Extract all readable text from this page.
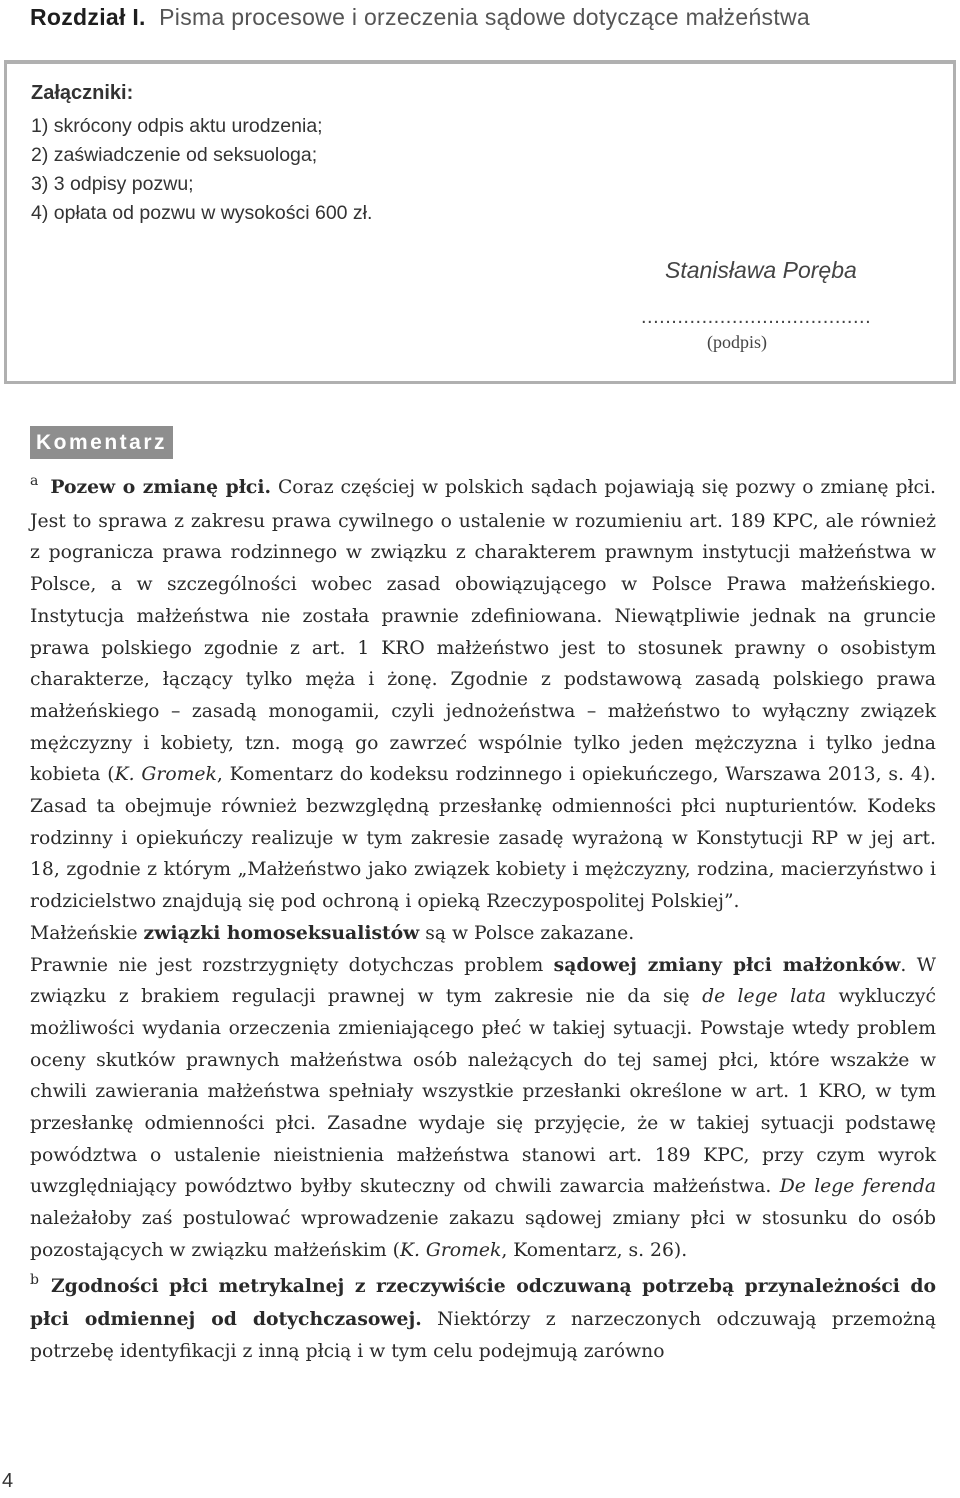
Rozdział I. Pisma procesowe i orzeczenia sądowe dotyczące małżeństwa
Załączniki:
1) skrócony odpis aktu urodzenia;
2) zaświadczenie od seksuologa;
3) 3 odpisy pozwu;
4) opłata od pozwu w wysokości 600 zł.
Stanisława Poręba
......................................
(podpis)
Komentarz

$^a$ Pozew o zmianę płci. Coraz częściej w polskich sądach pojawiają się pozwy o zmianę płci. Jest to sprawa z zakresu prawa cywilnego o ustalenie w rozumieniu art. 189 KPC, ale również z pogranicza prawa rodzinnego w związku z charakterem prawnym instytucji małżeństwa w Polsce, a w szczególności wobec zasad obowiązującego w Polsce Prawa małżeńskiego. Instytucja małżeństwa nie została prawnie zdefiniowana. Niewątpliwie jednak na gruncie prawa polskiego zgodnie z art. 1 KRO małżeństwo jest to stosunek prawny o osobistym charakterze, łączący tylko męża i żonę. Zgodnie z podstawową zasadą polskiego prawa małżeńskiego – zasadą monogamii, czyli jednożeństwa – małżeństwo to wyłączny związek mężczyzny i kobiety, tzn. mogą go zawrzeć wspólnie tylko jeden mężczyzna i tylko jedna kobieta (K. Gromek, Komentarz do kodeksu rodzinnego i opiekuńczego, Warszawa 2013, s. 4). Zasad ta obejmuje również bezwzględną przesłankę odmienności płci nupturientów. Kodeks rodzinny i opiekuńczy realizuje w tym zakresie zasadę wyrażoną w Konstytucji RP w jej art. 18, zgodnie z którym „Małżeństwo jako związek kobiety i mężczyzny, rodzina, macierzyństwo i rodzicielstwo znajdują się pod ochroną i opieką Rzeczypospolitej Polskiej”.

Małżeńskie związki homoseksualistów są w Polsce zakazane.

Prawnie nie jest rozstrzygnięty dotychczas problem sądowej zmiany płci małżonków. W związku z brakiem regulacji prawnej w tym zakresie nie da się de lege lata wykluczyć możliwości wydania orzeczenia zmieniającego płeć w takiej sytuacji. Powstaje wtedy problem oceny skutków prawnych małżeństwa osób należących do tej samej płci, które wszakże w chwili zawierania małżeństwa spełniały wszystkie przesłanki określone w art. 1 KRO, w tym przesłankę odmienności płci. Zasadne wydaje się przyjęcie, że w takiej sytuacji podstawę powództwa o ustalenie nieistnienia małżeństwa stanowi art. 189 KPC, przy czym wyrok uwzględniający powództwo byłby skuteczny od chwili zawarcia małżeństwa. De lege ferenda należałoby zaś postulować wprowadzenie zakazu sądowej zmiany płci w stosunku do osób pozostających w związku małżeńskim (K. Gromek, Komentarz, s. 26).

$^b$ Zgodności płci metrykalnej z rzeczywiście odczuwaną potrzebą przynależności do płci odmiennej od dotychczasowej. Niektórzy z narzeczonych odczuwają przemożną potrzebę identyfikacji z inną płcią i w tym celu podejmują zarówno

4
